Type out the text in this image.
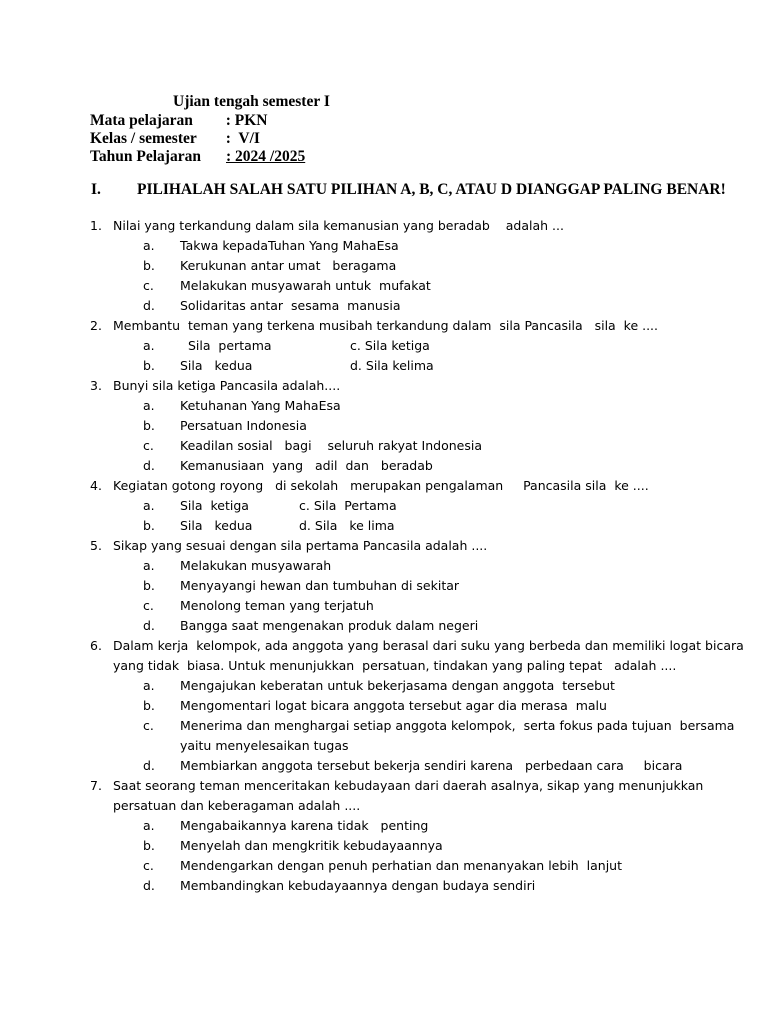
Ujian tengah semester I
Mata pelajaran  : PKN
Kelas / semester  :  V/I
Tahun Pelajaran : 2024 /2025
I. PILIHALAH SALAH SATU PILIHAN A, B, C, ATAU D DIANGGAP PALING BENAR!
1. Nilai yang terkandung dalam sila kemanusian yang beradab    adalah ...
a. Takwa kepadaTuhan Yang MahaEsa
b. Kerukunan antar umat   beragama
c. Melakukan musyawarah untuk  mufakat
d. Solidaritas antar  sesama  manusia
2. Membantu  teman yang terkena musibah terkandung dalam  sila Pancasila   sila  ke ....
a. Sila  pertama	c. Sila ketiga
b. Sila   kedua	d. Sila kelima
3. Bunyi sila ketiga Pancasila adalah....
a. Ketuhanan Yang MahaEsa
b. Persatuan Indonesia
c. Keadilan sosial   bagi    seluruh rakyat Indonesia
d. Kemanusiaan  yang   adil  dan   beradab
4. Kegiatan gotong royong   di sekolah   merupakan pengalaman     Pancasila sila  ke ....
a. Sila  ketiga	c. Sila  Pertama
b. Sila   kedua	d. Sila   ke lima
5. Sikap yang sesuai dengan sila pertama Pancasila adalah ....
a. Melakukan musyawarah
b. Menyayangi hewan dan tumbuhan di sekitar
c. Menolong teman yang terjatuh
d. Bangga saat mengenakan produk dalam negeri
6. Dalam kerja  kelompok, ada anggota yang berasal dari suku yang berbeda dan memiliki logat bicara
yang tidak  biasa. Untuk menunjukkan  persatuan, tindakan yang paling tepat   adalah ....
a. Mengajukan keberatan untuk bekerjasama dengan anggota  tersebut
b. Mengomentari logat bicara anggota tersebut agar dia merasa  malu
c. Menerima dan menghargai setiap anggota kelompok,  serta fokus pada tujuan  bersama
yaitu menyelesaikan tugas
d. Membiarkan anggota tersebut bekerja sendiri karena   perbedaan cara     bicara
7. Saat seorang teman menceritakan kebudayaan dari daerah asalnya, sikap yang menunjukkan
persatuan dan keberagaman adalah ....
a. Mengabaikannya karena tidak   penting
b. Menyelah dan mengkritik kebudayaannya
c. Mendengarkan dengan penuh perhatian dan menanyakan lebih  lanjut
d. Membandingkan kebudayaannya dengan budaya sendiri
